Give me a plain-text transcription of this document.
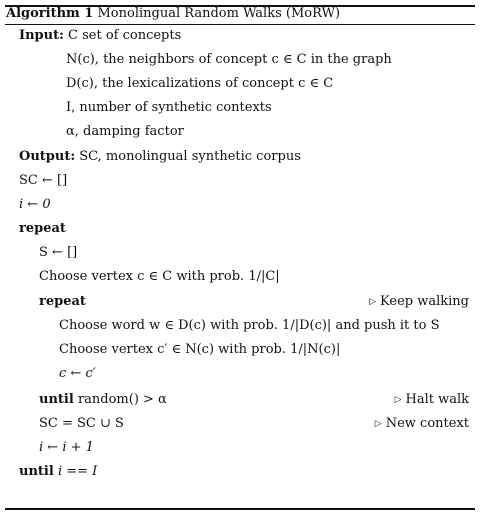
Algorithm 1 Monolingual Random Walks (MoRW)
Input: C set of concepts
N(c), the neighbors of concept c ∈ C in the graph
D(c), the lexicalizations of concept c ∈ C
I, number of synthetic contexts
α, damping factor
Output: SC, monolingual synthetic corpus
SC ← []
i ← 0
repeat
S ← []
Choose vertex c ∈ C with prob. 1/|C|
repeat	▷ Keep walking
Choose word w ∈ D(c) with prob. 1/|D(c)| and push it to S
Choose vertex c′ ∈ N(c) with prob. 1/|N(c)|
c ← c′
until random() > α	▷ Halt walk
SC = SC ∪ S	▷ New context
i ← i + 1
until i == I
